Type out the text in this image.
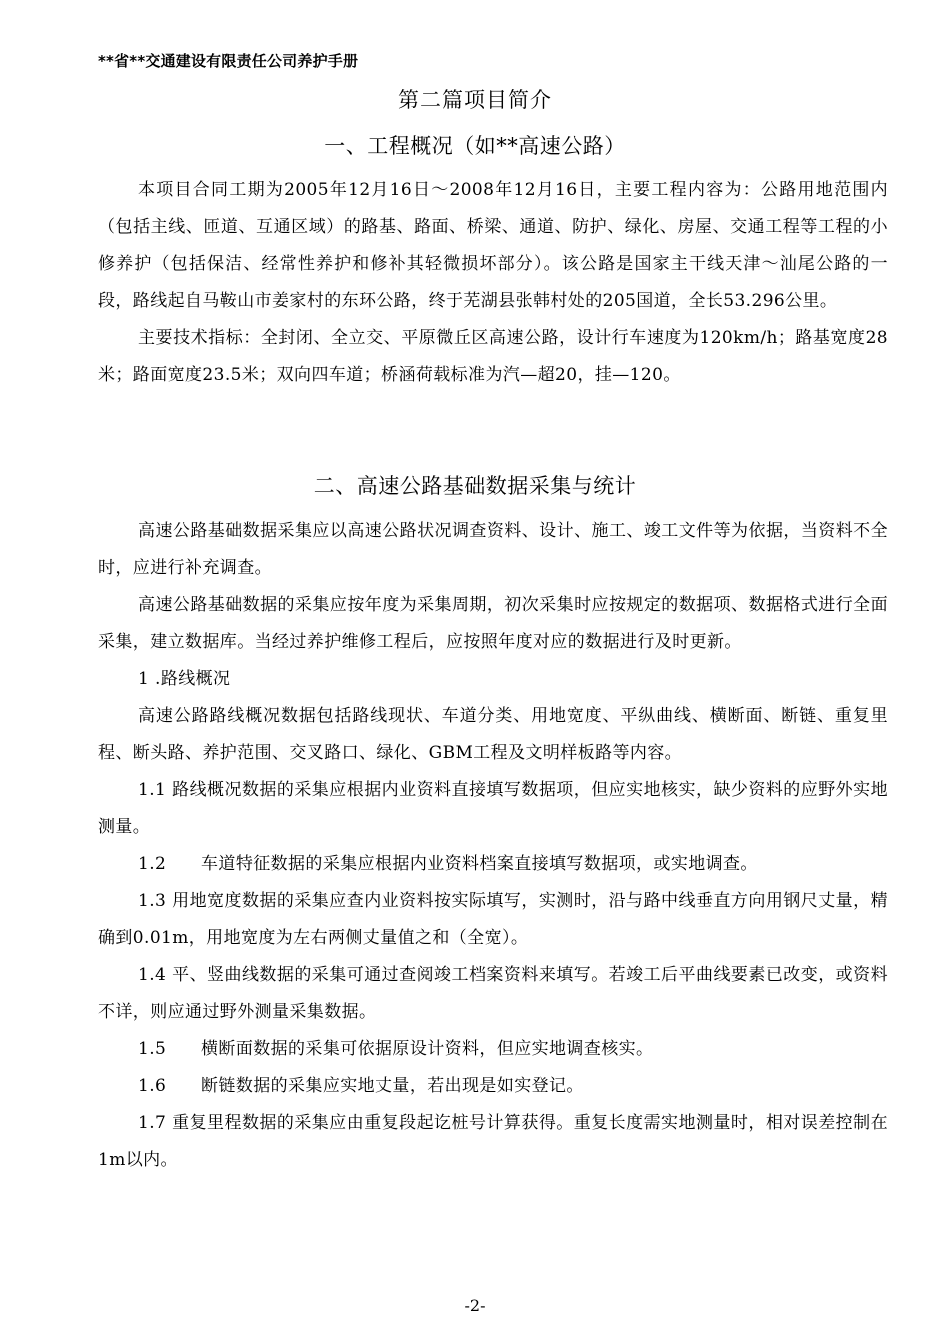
**省**交通建设有限责任公司养护手册
第二篇项目简介
一、工程概况（如**高速公路）

本项目合同工期为2005年12月16日～2008年12月16日，主要工程内容为：公路用地范围内（包括主线、匝道、互通区域）的路基、路面、桥梁、通道、防护、绿化、房屋、交通工程等工程的小修养护（包括保洁、经常性养护和修补其轻微损坏部分）。该公路是国家主干线天津～汕尾公路的一段，路线起自马鞍山市姜家村的东环公路，终于芜湖县张韩村处的205国道，全长53.296公里。

主要技术指标：全封闭、全立交、平原微丘区高速公路，设计行车速度为120km/h；路基宽度28米；路面宽度23.5米；双向四车道；桥涵荷载标准为汽—超20，挂—120。

二、高速公路基础数据采集与统计

高速公路基础数据采集应以高速公路状况调查资料、设计、施工、竣工文件等为依据，当资料不全时，应进行补充调查。

高速公路基础数据的采集应按年度为采集周期，初次采集时应按规定的数据项、数据格式进行全面采集，建立数据库。当经过养护维修工程后，应按照年度对应的数据进行及时更新。

1 .路线概况

高速公路路线概况数据包括路线现状、车道分类、用地宽度、平纵曲线、横断面、断链、重复里程、断头路、养护范围、交叉路口、绿化、GBM工程及文明样板路等内容。

1.1 路线概况数据的采集应根据内业资料直接填写数据项，但应实地核实，缺少资料的应野外实地测量。

1.2　　车道特征数据的采集应根据内业资料档案直接填写数据项，或实地调查。

1.3 用地宽度数据的采集应查内业资料按实际填写，实测时，沿与路中线垂直方向用钢尺丈量，精确到0.01m，用地宽度为左右两侧丈量值之和（全宽）。

1.4 平、竖曲线数据的采集可通过查阅竣工档案资料来填写。若竣工后平曲线要素已改变，或资料不详，则应通过野外测量采集数据。

1.5　　横断面数据的采集可依据原设计资料，但应实地调查核实。

1.6　　断链数据的采集应实地丈量，若出现是如实登记。

1.7 重复里程数据的采集应由重复段起讫桩号计算获得。重复长度需实地测量时，相对误差控制在1m以内。

-2-
